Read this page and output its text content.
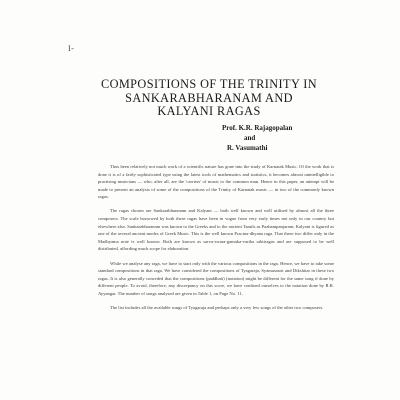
I-
COMPOSITIONS OF THE TRINITY IN
SANKARABHARANAM AND
KALYANI RAGAS
Prof. K.R. Rajagopalan
and
R. Vasumathi

Thus been relatively not much work of a scientific nature has gone into the study of Karnatak Music. Of the work that is done it is of a fairly sophisticated type using the latest tools of mathematics and statistics, it becomes almost unintelligible to practising musicians — who, after all, are the 'carriers' of music to the common man. Hence in this paper, an attempt will be made to present an analysis of some of the compositions of the Trinity of Karnatak music — in two of the commonly known ragas.

The ragas chosen are Sankarabharanam and Kalyani — both well known and well utilised by almost all the three composers. The scale borrowed by both these ragas have been in vogue from very early times not only in our country but elsewhere also. Sankarabharanam was known to the Greeks and to the ancient Tamils as Pazhampanjaram; Kalyani is figured as one of the several ancient modes of Greek Music. This is the well known Pracina-dhyana raga. That these two differ only in the Madhyama note is well known. Both are known as sarva-swara-gamaka-varika raktiragas and are supposed to be well distributed, affording much scope for elaboration.

While we analyse any raga, we have to start only with the various compositions in the raga. Hence, we have to take some standard compositions in that raga. We have considered the compositions of Tyagaraja, Syamasastri and Dikshitar in these two ragas. It is also generally conceded that the compositions (paddhati) (notation) might be different for the same song if done by different people. To avoid, therefore, any discrepancy on this score, we have confined ourselves to the notation done by R.R. Ayyangar. The number of songs analysed are given in Table 1, on Page No. 11.

The list includes all the available songs of Tyagaraja and perhaps only a very few songs of the other two composers.
